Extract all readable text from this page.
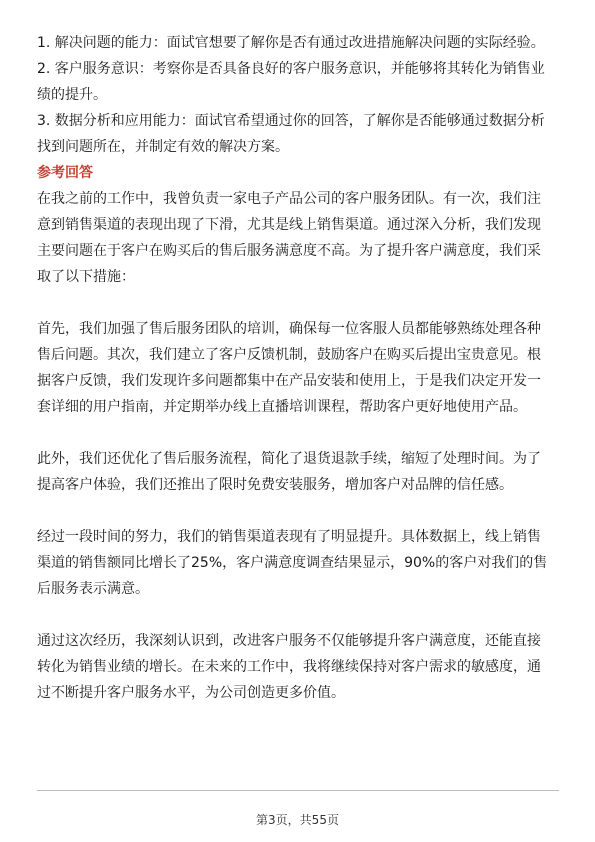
1. 解决问题的能力：面试官想要了解你是否有通过改进措施解决问题的实际经验。

2. 客户服务意识：考察你是否具备良好的客户服务意识，并能够将其转化为销售业

绩的提升。

3. 数据分析和应用能力：面试官希望通过你的回答，了解你是否能够通过数据分析

找到问题所在，并制定有效的解决方案。

参考回答

在我之前的工作中，我曾负责一家电子产品公司的客户服务团队。有一次，我们注

意到销售渠道的表现出现了下滑，尤其是线上销售渠道。通过深入分析，我们发现

主要问题在于客户在购买后的售后服务满意度不高。为了提升客户满意度，我们采

取了以下措施：

首先，我们加强了售后服务团队的培训，确保每一位客服人员都能够熟练处理各种

售后问题。其次，我们建立了客户反馈机制，鼓励客户在购买后提出宝贵意见。根

据客户反馈，我们发现许多问题都集中在产品安装和使用上，于是我们决定开发一

套详细的用户指南，并定期举办线上直播培训课程，帮助客户更好地使用产品。

此外，我们还优化了售后服务流程，简化了退货退款手续，缩短了处理时间。为了

提高客户体验，我们还推出了限时免费安装服务，增加客户对品牌的信任感。

经过一段时间的努力，我们的销售渠道表现有了明显提升。具体数据上，线上销售

渠道的销售额同比增长了25%，客户满意度调查结果显示，90%的客户对我们的售

后服务表示满意。

通过这次经历，我深刻认识到，改进客户服务不仅能够提升客户满意度，还能直接

转化为销售业绩的增长。在未来的工作中，我将继续保持对客户需求的敏感度，通

过不断提升客户服务水平，为公司创造更多价值。

第3页，共55页
